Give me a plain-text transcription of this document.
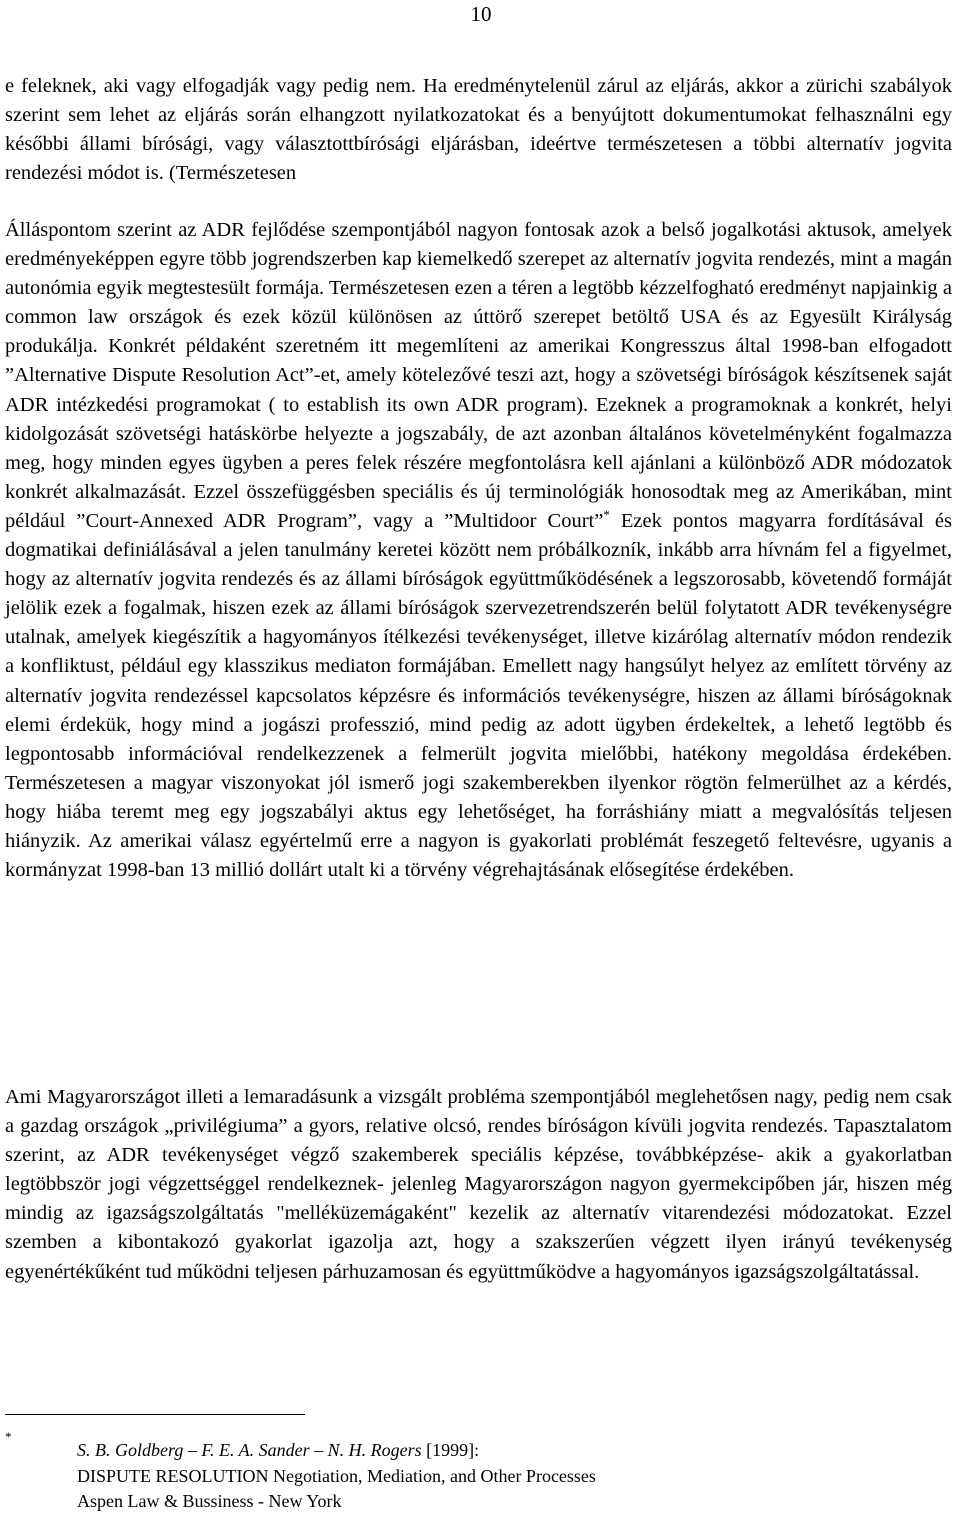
10
e feleknek, aki vagy elfogadják vagy pedig nem. Ha eredménytelenül zárul az eljárás, akkor a zürichi szabályok szerint sem lehet az eljárás során elhangzott nyilatkozatokat és a benyújtott dokumentumokat felhasználni egy későbbi állami bírósági, vagy választottbírósági eljárásban, ideértve természetesen a többi alternatív jogvita rendezési módot is. (Természetesen
Álláspontom szerint az ADR fejlődése szempontjából nagyon fontosak azok a belső jogalkotási aktusok, amelyek eredményeképpen egyre több jogrendszerben kap kiemelkedő szerepet az alternatív jogvita rendezés, mint a magán autonómia egyik megtestesült formája. Természetesen ezen a téren a legtöbb kézzelfogható eredményt napjainkig a common law országok és ezek közül különösen az úttörő szerepet betöltő USA és az Egyesült Királyság produkálja. Konkrét példaként szeretném itt megemlíteni az amerikai Kongresszus által 1998-ban elfogadott ”Alternative Dispute Resolution Act”-et, amely kötelezővé teszi azt, hogy a szövetségi bíróságok készítsenek saját ADR intézkedési programokat ( to establish its own ADR program). Ezeknek a programoknak a konkrét, helyi kidolgozását szövetségi hatáskörbe helyezte a jogszabály, de azt azonban általános követelményként fogalmazza meg, hogy minden egyes ügyben a peres felek részére megfontolásra kell ajánlani a különböző ADR módozatok konkrét alkalmazását. Ezzel összefüggésben speciális és új terminológiák honosodtak meg az Amerikában, mint például ”Court-Annexed ADR Program”, vagy a ”Multidoor Court”* Ezek pontos magyarra fordításával és dogmatikai definiálásával a jelen tanulmány keretei között nem próbálkozník, inkább arra hívnám fel a figyelmet, hogy az alternatív jogvita rendezés és az állami bíróságok együttműködésének a legszorosabb, követendő formáját jelölik ezek a fogalmak, hiszen ezek az állami bíróságok szervezetrendszerén belül folytatott ADR tevékenységre utalnak, amelyek kiegészítik a hagyományos ítélkezési tevékenységet, illetve kizárólag alternatív módon rendezik a konfliktust, például egy klasszikus mediaton formájában. Emellett nagy hangsúlyt helyez az említett törvény az alternatív jogvita rendezéssel kapcsolatos képzésre és információs tevékenységre, hiszen az állami bíróságoknak elemi érdekük, hogy mind a jogászi professzió, mind pedig az adott ügyben érdekeltek, a lehető legtöbb és legpontosabb információval rendelkezzenek a felmerült jogvita mielőbbi, hatékony megoldása érdekében. Természetesen a magyar viszonyokat jól ismerő jogi szakemberekben ilyenkor rögtön felmerülhet az a kérdés, hogy hiába teremt meg egy jogszabályi aktus egy lehetőséget, ha forráshiány miatt a megvalósítás teljesen hiányzik. Az amerikai válasz egyértelmű erre a nagyon is gyakorlati problémát feszegető feltevésre, ugyanis a kormányzat 1998-ban 13 millió dollárt utalt ki a törvény végrehajtásának elősegítése érdekében.
Ami Magyarországot illeti a lemaradásunk a vizsgált probléma szempontjából meglehetősen nagy, pedig nem csak a gazdag országok „privilégiuma” a gyors, relative olcsó, rendes bíróságon kívüli jogvita rendezés. Tapasztalatom szerint, az ADR tevékenységet végző szakemberek speciális képzése, továbbképzése- akik a gyakorlatban legtöbbször jogi végzettséggel rendelkeznek- jelenleg Magyarországon nagyon gyermekcipőben jár, hiszen még mindig az igazságszolgáltatás "melléküzemágaként" kezelik az alternatív vitarendezési módozatokat. Ezzel szemben a kibontakozó gyakorlat igazolja azt, hogy a szakszerűen végzett ilyen irányú tevékenység egyenértékűként tud működni teljesen párhuzamosan és együttműködve a hagyományos igazságszolgáltatással.
*
S. B. Goldberg – F. E. A. Sander – N. H. Rogers [1999]:
DISPUTE RESOLUTION Negotiation, Mediation, and Other Processes
Aspen Law & Bussiness - New York
